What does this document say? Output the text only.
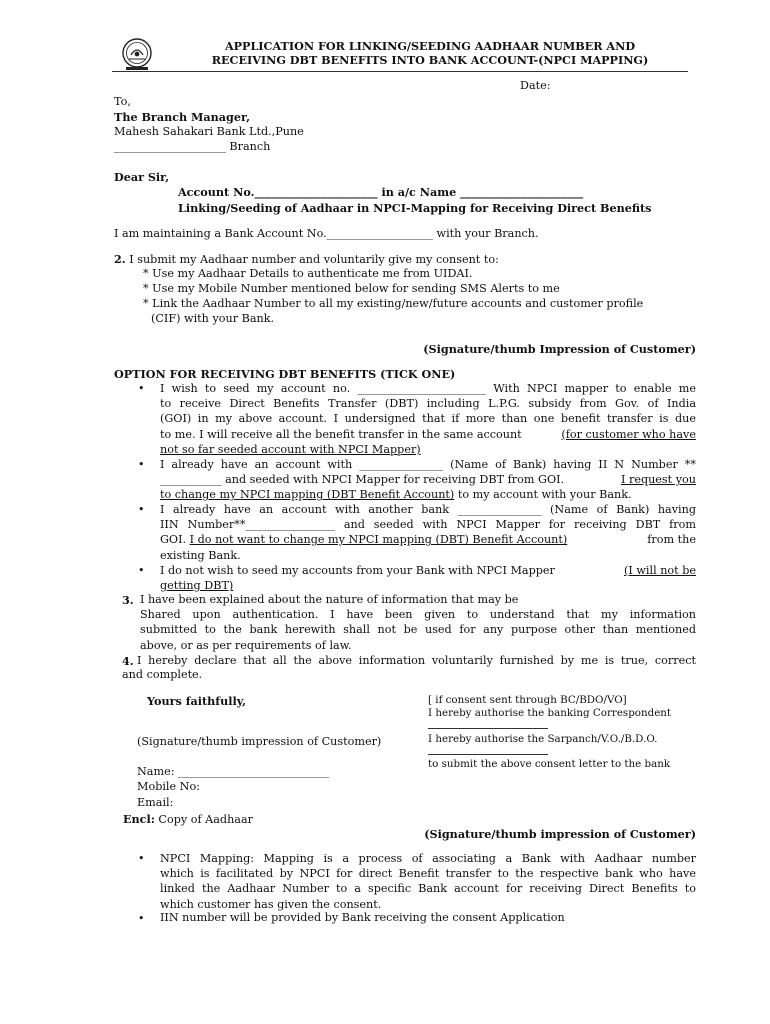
APPLICATION FOR LINKING/SEEDING AADHAAR NUMBER AND
RECEIVING DBT BENEFITS INTO BANK ACCOUNT-(NPCI MAPPING)
Date:
To,
The Branch Manager,
Mahesh Sahakari Bank Ltd.,Pune
____________________ Branch
Dear Sir,
Account No.______________________ in a/c Name ______________________
Linking/Seeding of Aadhaar in NPCI-Mapping for Receiving Direct Benefits
I am maintaining a Bank Account No.___________________ with your Branch.
2. I submit my Aadhaar number and voluntarily give my consent to:
* Use my Aadhaar Details to authenticate me from UIDAI.
* Use my Mobile Number mentioned below for sending SMS Alerts to me
* Link the Aadhaar Number to all my existing/new/future accounts and customer profile
(CIF) with your Bank.
(Signature/thumb Impression of Customer)
OPTION FOR RECEIVING DBT BENEFITS (TICK ONE)
• I wish to seed my account no. _______________________ With NPCI mapper to enable me
to receive Direct Benefits Transfer (DBT) including L.P.G. subsidy from Gov. of India
(GOI) in my above account. I undersigned that if more than one benefit transfer is due
to me. I will receive all the benefit transfer in the same account	(for customer who have
not so far seeded account with NPCI Mapper)
• I already have an account with _______________ (Name of Bank) having II N Number **
___________ and seeded with NPCI Mapper for receiving DBT from GOI.	I request you
to change my NPCI mapping (DBT Benefit Account) to my account with your Bank.
• I already have an account with another bank _______________ (Name of Bank) having
IIN Number**________________ and seeded with NPCI Mapper for receiving DBT from
GOI. I do not want to change my NPCI mapping (DBT) Benefit Account)	from the
existing Bank.
• I do not wish to seed my accounts from your Bank with NPCI Mapper	(I will not be
getting DBT)
3. I have been explained about the nature of information that may be
Shared upon authentication. I have been given to understand that my information
submitted to the bank herewith shall not be used for any purpose other than mentioned
above, or as per requirements of law.
4. I hereby declare that all the above information voluntarily furnished by me is true, correct
and complete.
Yours faithfully,
(Signature/thumb impression of Customer)
Name: ___________________________
Mobile No:
Email:
Encl: Copy of Aadhaar
[ if consent sent through BC/BDO/VO]
I hereby authorise the banking Correspondent
I hereby authorise the Sarpanch/V.O./B.D.O.
to submit the above consent letter to the bank
(Signature/thumb impression of Customer)
• NPCI Mapping: Mapping is a process of associating a Bank with Aadhaar number
which is facilitated by NPCI for direct Benefit transfer to the respective bank who have
linked the Aadhaar Number to a specific Bank account for receiving Direct Benefits to
which customer has given the consent.
• IIN number will be provided by Bank receiving the consent Application
